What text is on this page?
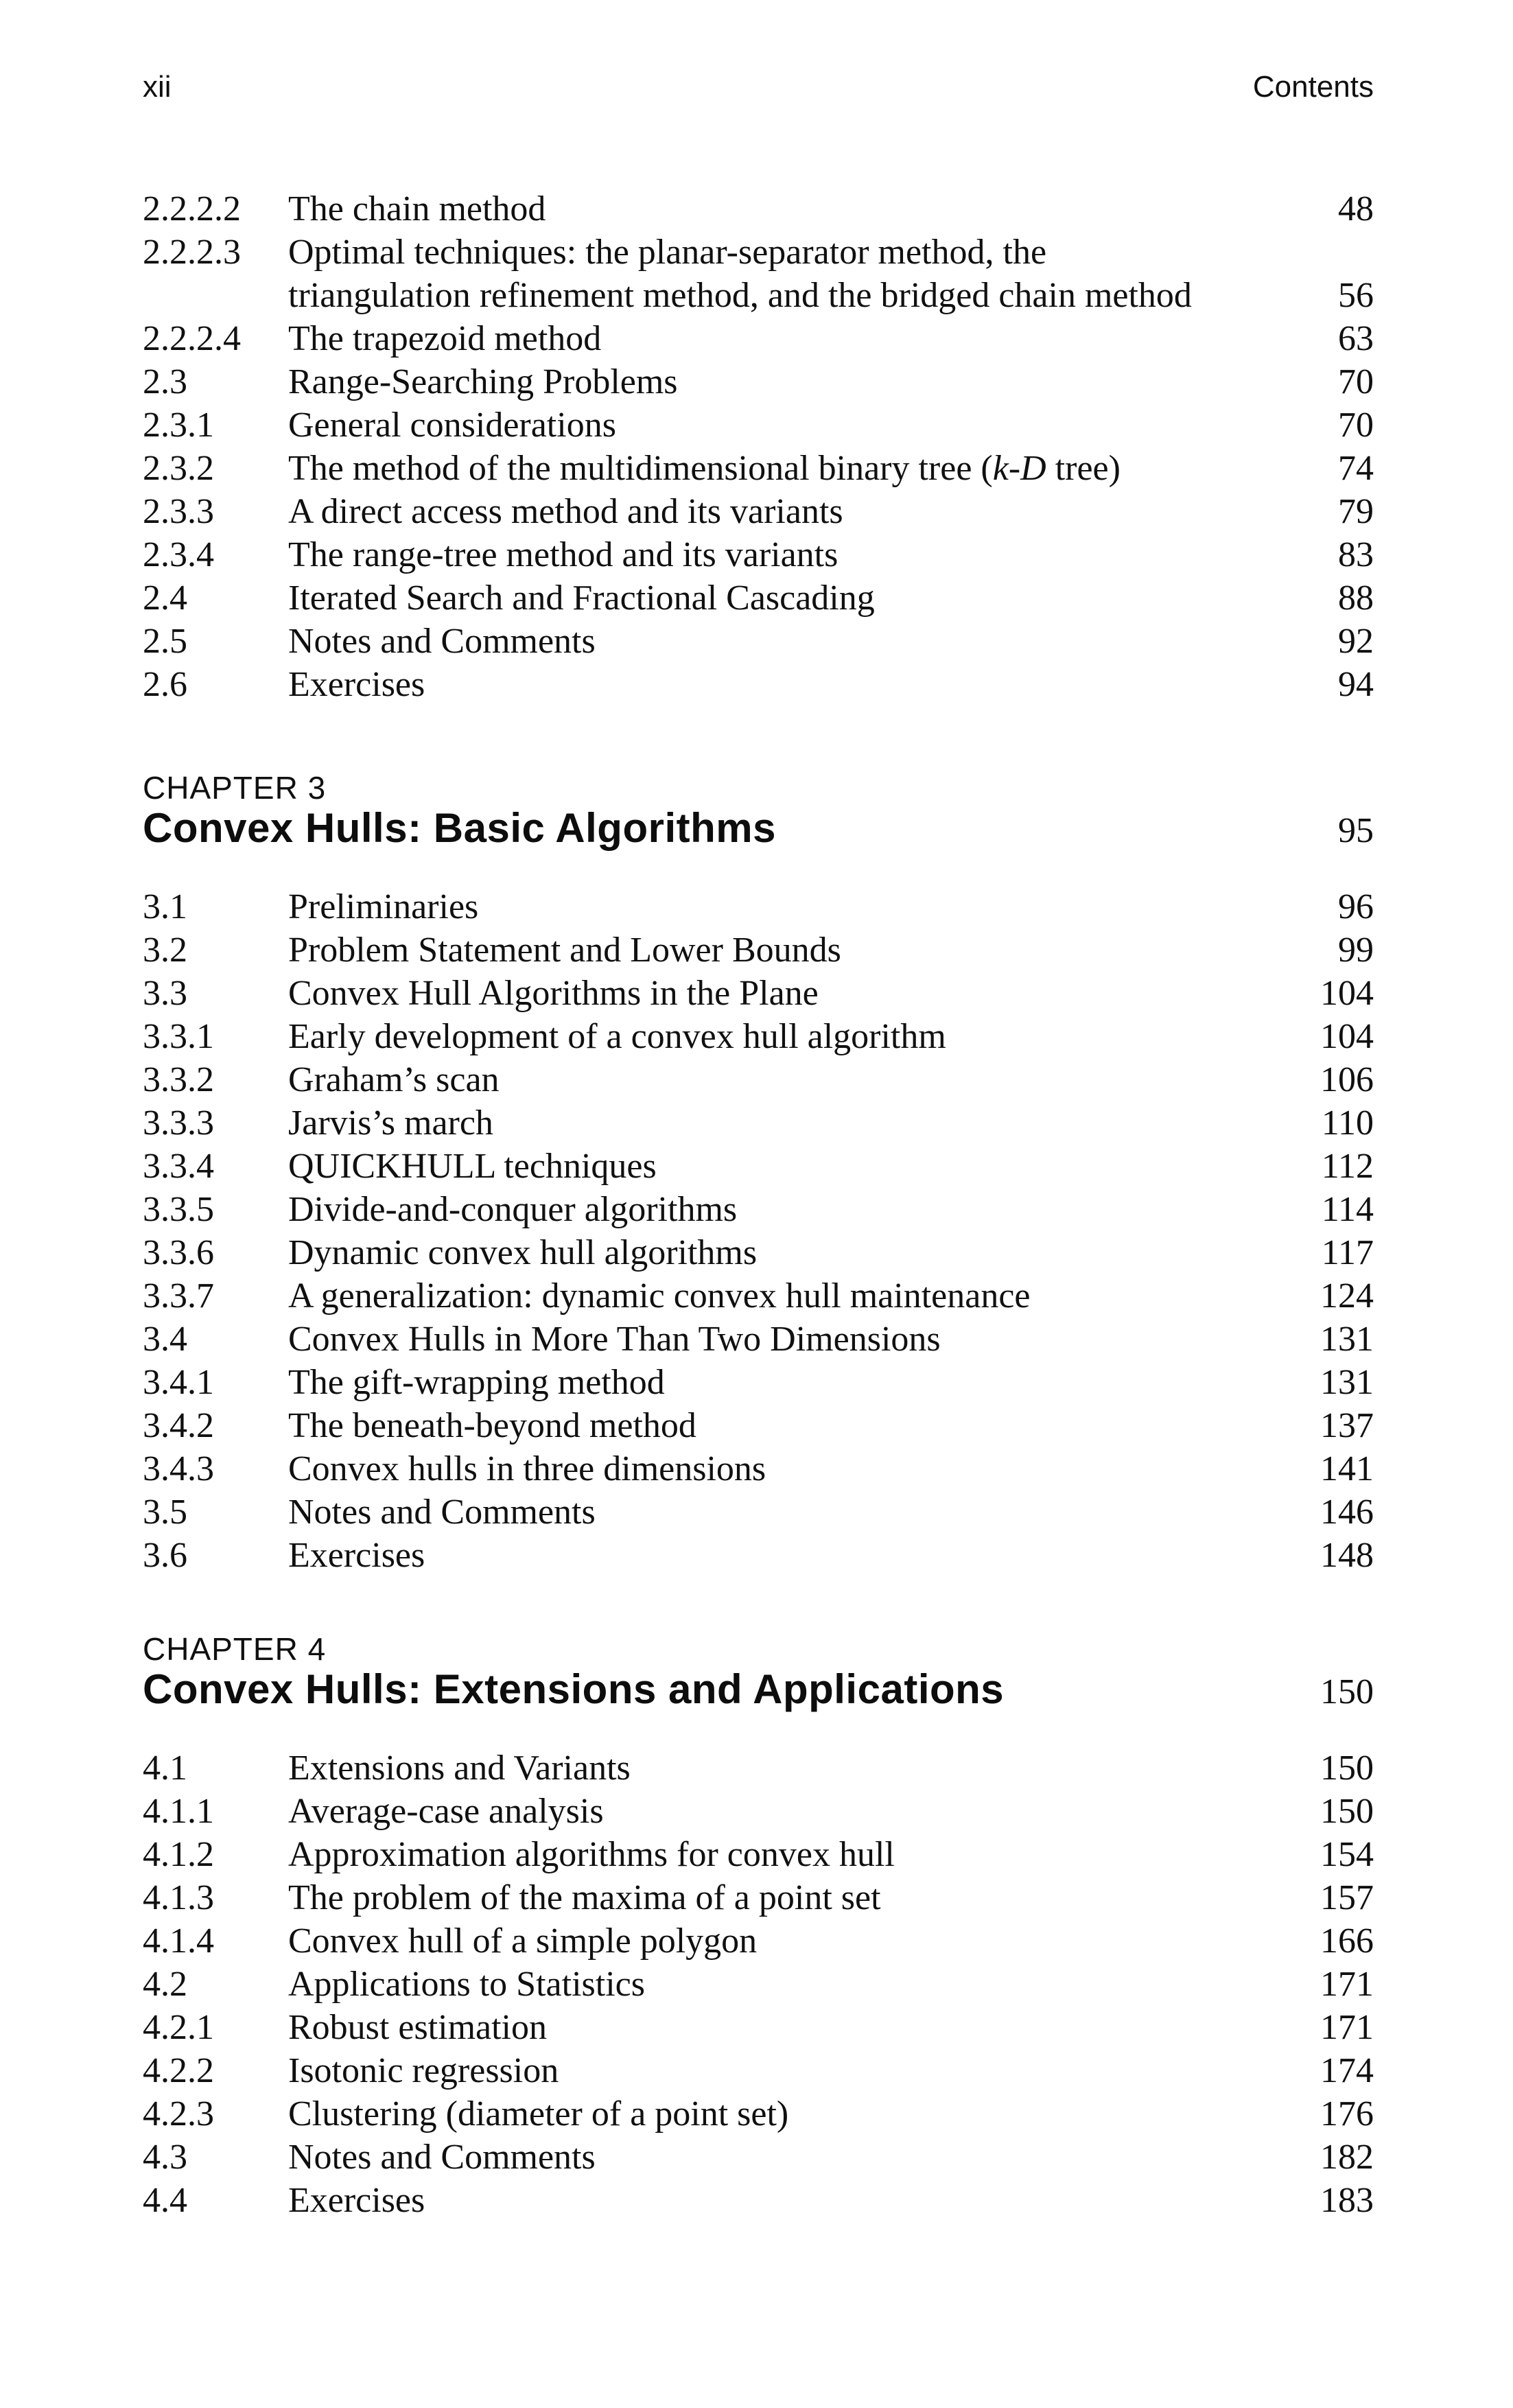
xii	Contents
2.2.2.2	The chain method	48
2.2.2.3	Optimal techniques: the planar-separator method, the
triangulation refinement method, and the bridged chain method	56
2.2.2.4	The trapezoid method	63
2.3	Range-Searching Problems	70
2.3.1	General considerations	70
2.3.2	The method of the multidimensional binary tree (k-D tree)	74
2.3.3	A direct access method and its variants	79
2.3.4	The range-tree method and its variants	83
2.4	Iterated Search and Fractional Cascading	88
2.5	Notes and Comments	92
2.6	Exercises	94
CHAPTER 3
Convex Hulls: Basic Algorithms	95
3.1	Preliminaries	96
3.2	Problem Statement and Lower Bounds	99
3.3	Convex Hull Algorithms in the Plane	104
3.3.1	Early development of a convex hull algorithm	104
3.3.2	Graham’s scan	106
3.3.3	Jarvis’s march	110
3.3.4	QUICKHULL techniques	112
3.3.5	Divide-and-conquer algorithms	114
3.3.6	Dynamic convex hull algorithms	117
3.3.7	A generalization: dynamic convex hull maintenance	124
3.4	Convex Hulls in More Than Two Dimensions	131
3.4.1	The gift-wrapping method	131
3.4.2	The beneath-beyond method	137
3.4.3	Convex hulls in three dimensions	141
3.5	Notes and Comments	146
3.6	Exercises	148
CHAPTER 4
Convex Hulls: Extensions and Applications	150
4.1	Extensions and Variants	150
4.1.1	Average-case analysis	150
4.1.2	Approximation algorithms for convex hull	154
4.1.3	The problem of the maxima of a point set	157
4.1.4	Convex hull of a simple polygon	166
4.2	Applications to Statistics	171
4.2.1	Robust estimation	171
4.2.2	Isotonic regression	174
4.2.3	Clustering (diameter of a point set)	176
4.3	Notes and Comments	182
4.4	Exercises	183
